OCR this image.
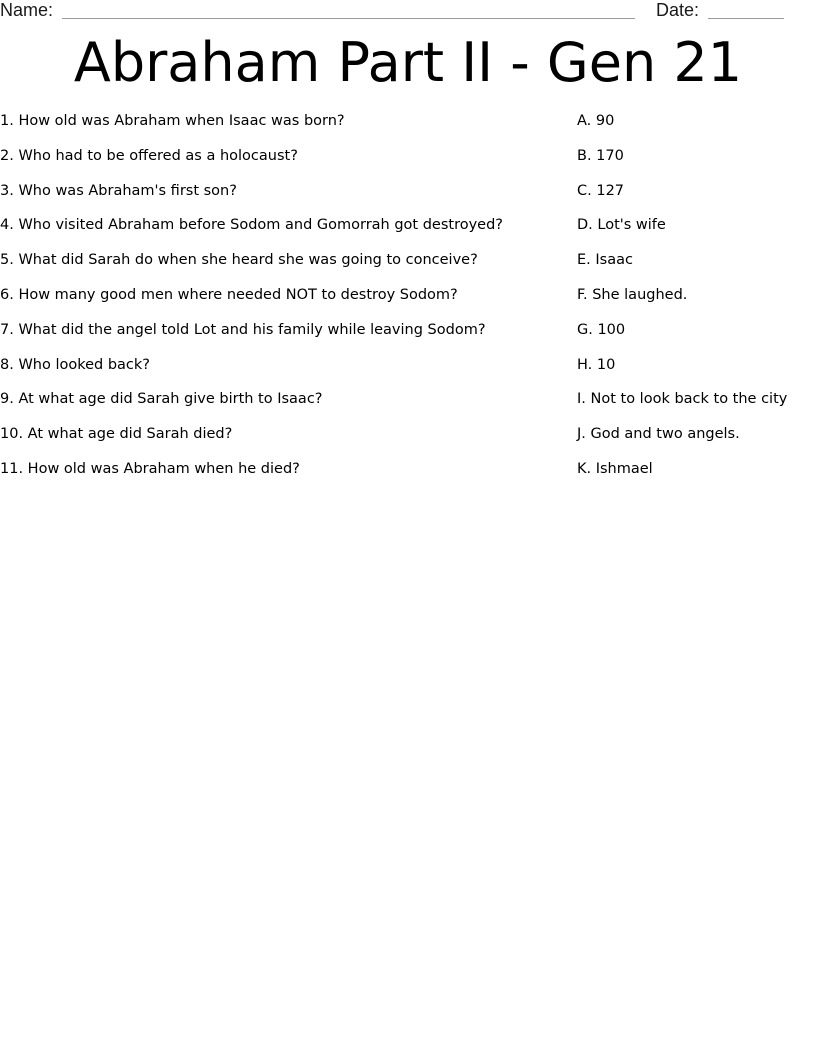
Name:	Date:
Abraham Part II - Gen 21
1. How old was Abraham when Isaac was born?
2. Who had to be offered as a holocaust?
3. Who was Abraham's first son?
4. Who visited Abraham before Sodom and Gomorrah got destroyed?
5. What did Sarah do when she heard she was going to conceive?
6. How many good men where needed NOT to destroy Sodom?
7. What did the angel told Lot and his family while leaving Sodom?
8. Who looked back?
9. At what age did Sarah give birth to Isaac?
10. At what age did Sarah died?
11. How old was Abraham when he died?
A. 90
B. 170
C. 127
D. Lot's wife
E. Isaac
F. She laughed.
G. 100
H. 10
I. Not to look back to the city
J. God and two angels.
K. Ishmael
